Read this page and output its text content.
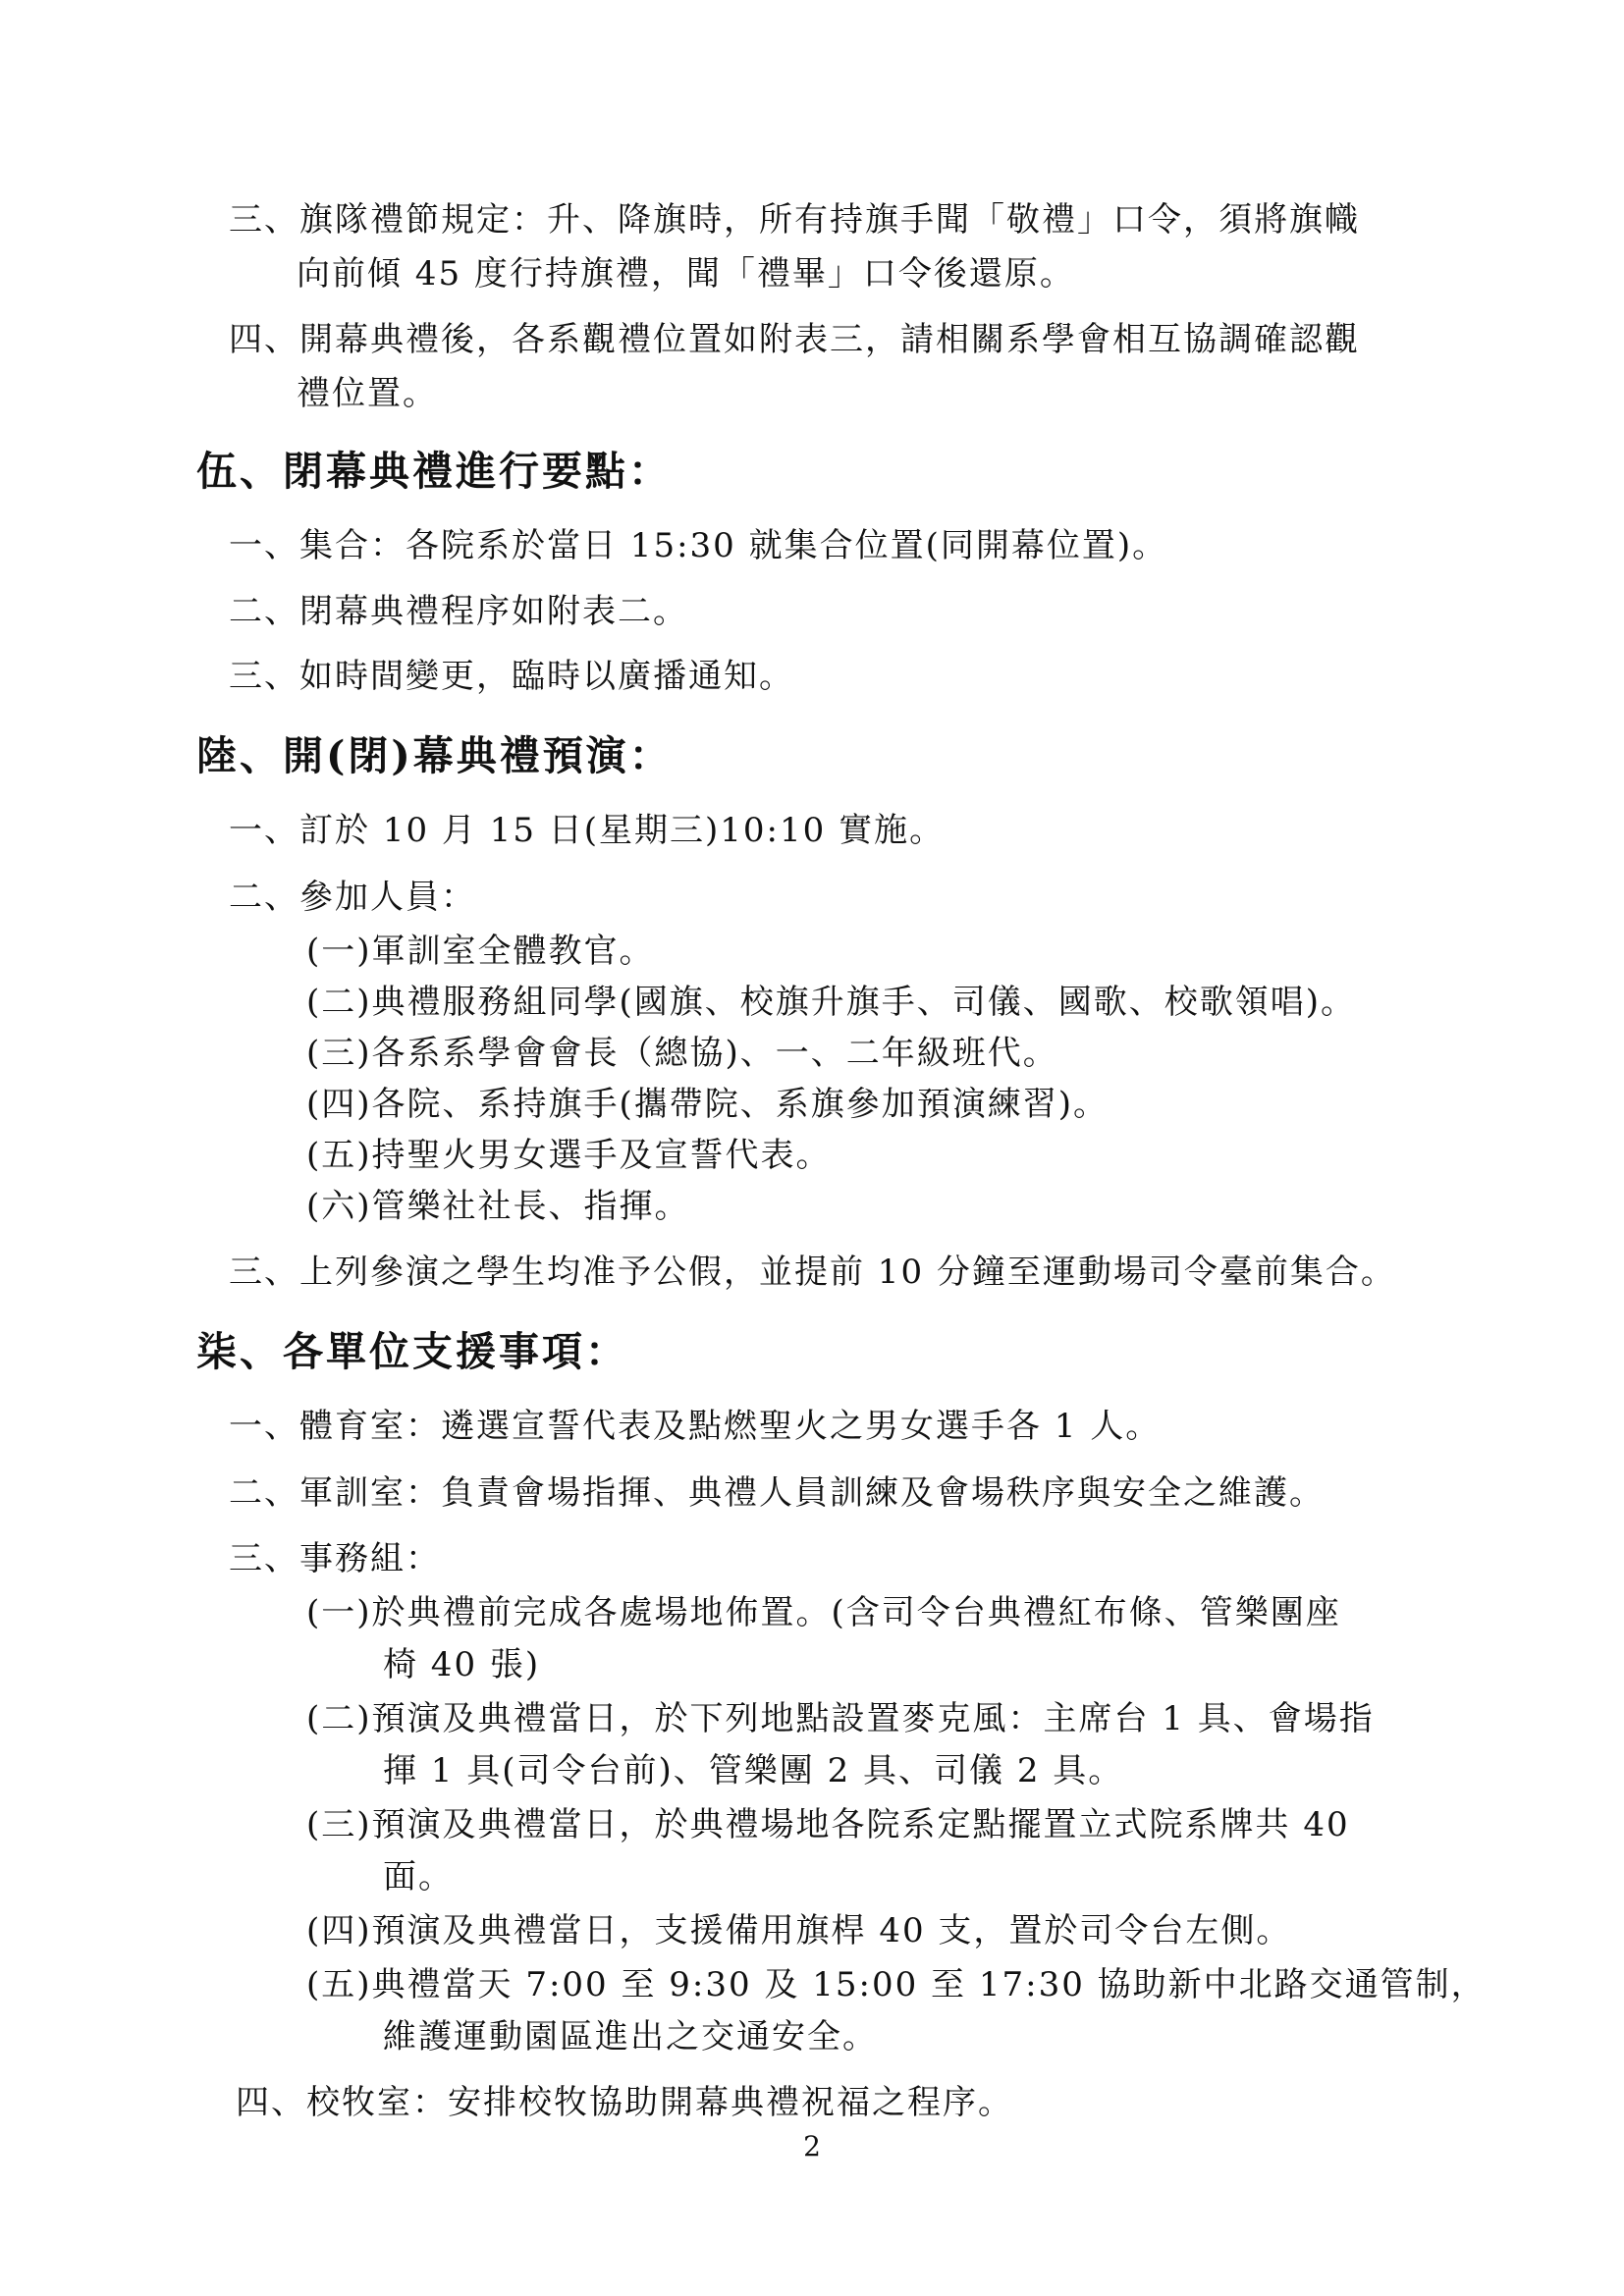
三、旗隊禮節規定：升、降旗時，所有持旗手聞「敬禮」口令，須將旗幟
向前傾 45 度行持旗禮，聞「禮畢」口令後還原。
四、開幕典禮後，各系觀禮位置如附表三，請相關系學會相互協調確認觀
禮位置。
伍、閉幕典禮進行要點：
一、集合：各院系於當日 15:30 就集合位置(同開幕位置)。
二、閉幕典禮程序如附表二。
三、如時間變更，臨時以廣播通知。
陸、開(閉)幕典禮預演：
一、訂於 10 月 15 日(星期三)10:10 實施。
二、參加人員：
(一)軍訓室全體教官。
(二)典禮服務組同學(國旗、校旗升旗手、司儀、國歌、校歌領唱)。
(三)各系系學會會長（總協)、一、二年級班代。
(四)各院、系持旗手(攜帶院、系旗參加預演練習)。
(五)持聖火男女選手及宣誓代表。
(六)管樂社社長、指揮。
三、上列參演之學生均准予公假，並提前 10 分鐘至運動場司令臺前集合。
柒、各單位支援事項：
一、體育室：遴選宣誓代表及點燃聖火之男女選手各 1 人。
二、軍訓室：負責會場指揮、典禮人員訓練及會場秩序與安全之維護。
三、事務組：
(一)於典禮前完成各處場地佈置。(含司令台典禮紅布條、管樂團座
椅 40 張)
(二)預演及典禮當日，於下列地點設置麥克風：主席台 1 具、會場指
揮 1 具(司令台前)、管樂團 2 具、司儀 2 具。
(三)預演及典禮當日，於典禮場地各院系定點擺置立式院系牌共 40
面。
(四)預演及典禮當日，支援備用旗桿 40 支，置於司令台左側。
(五)典禮當天 7:00 至 9:30 及 15:00 至 17:30 協助新中北路交通管制，
維護運動園區進出之交通安全。
四、校牧室：安排校牧協助開幕典禮祝福之程序。
2
